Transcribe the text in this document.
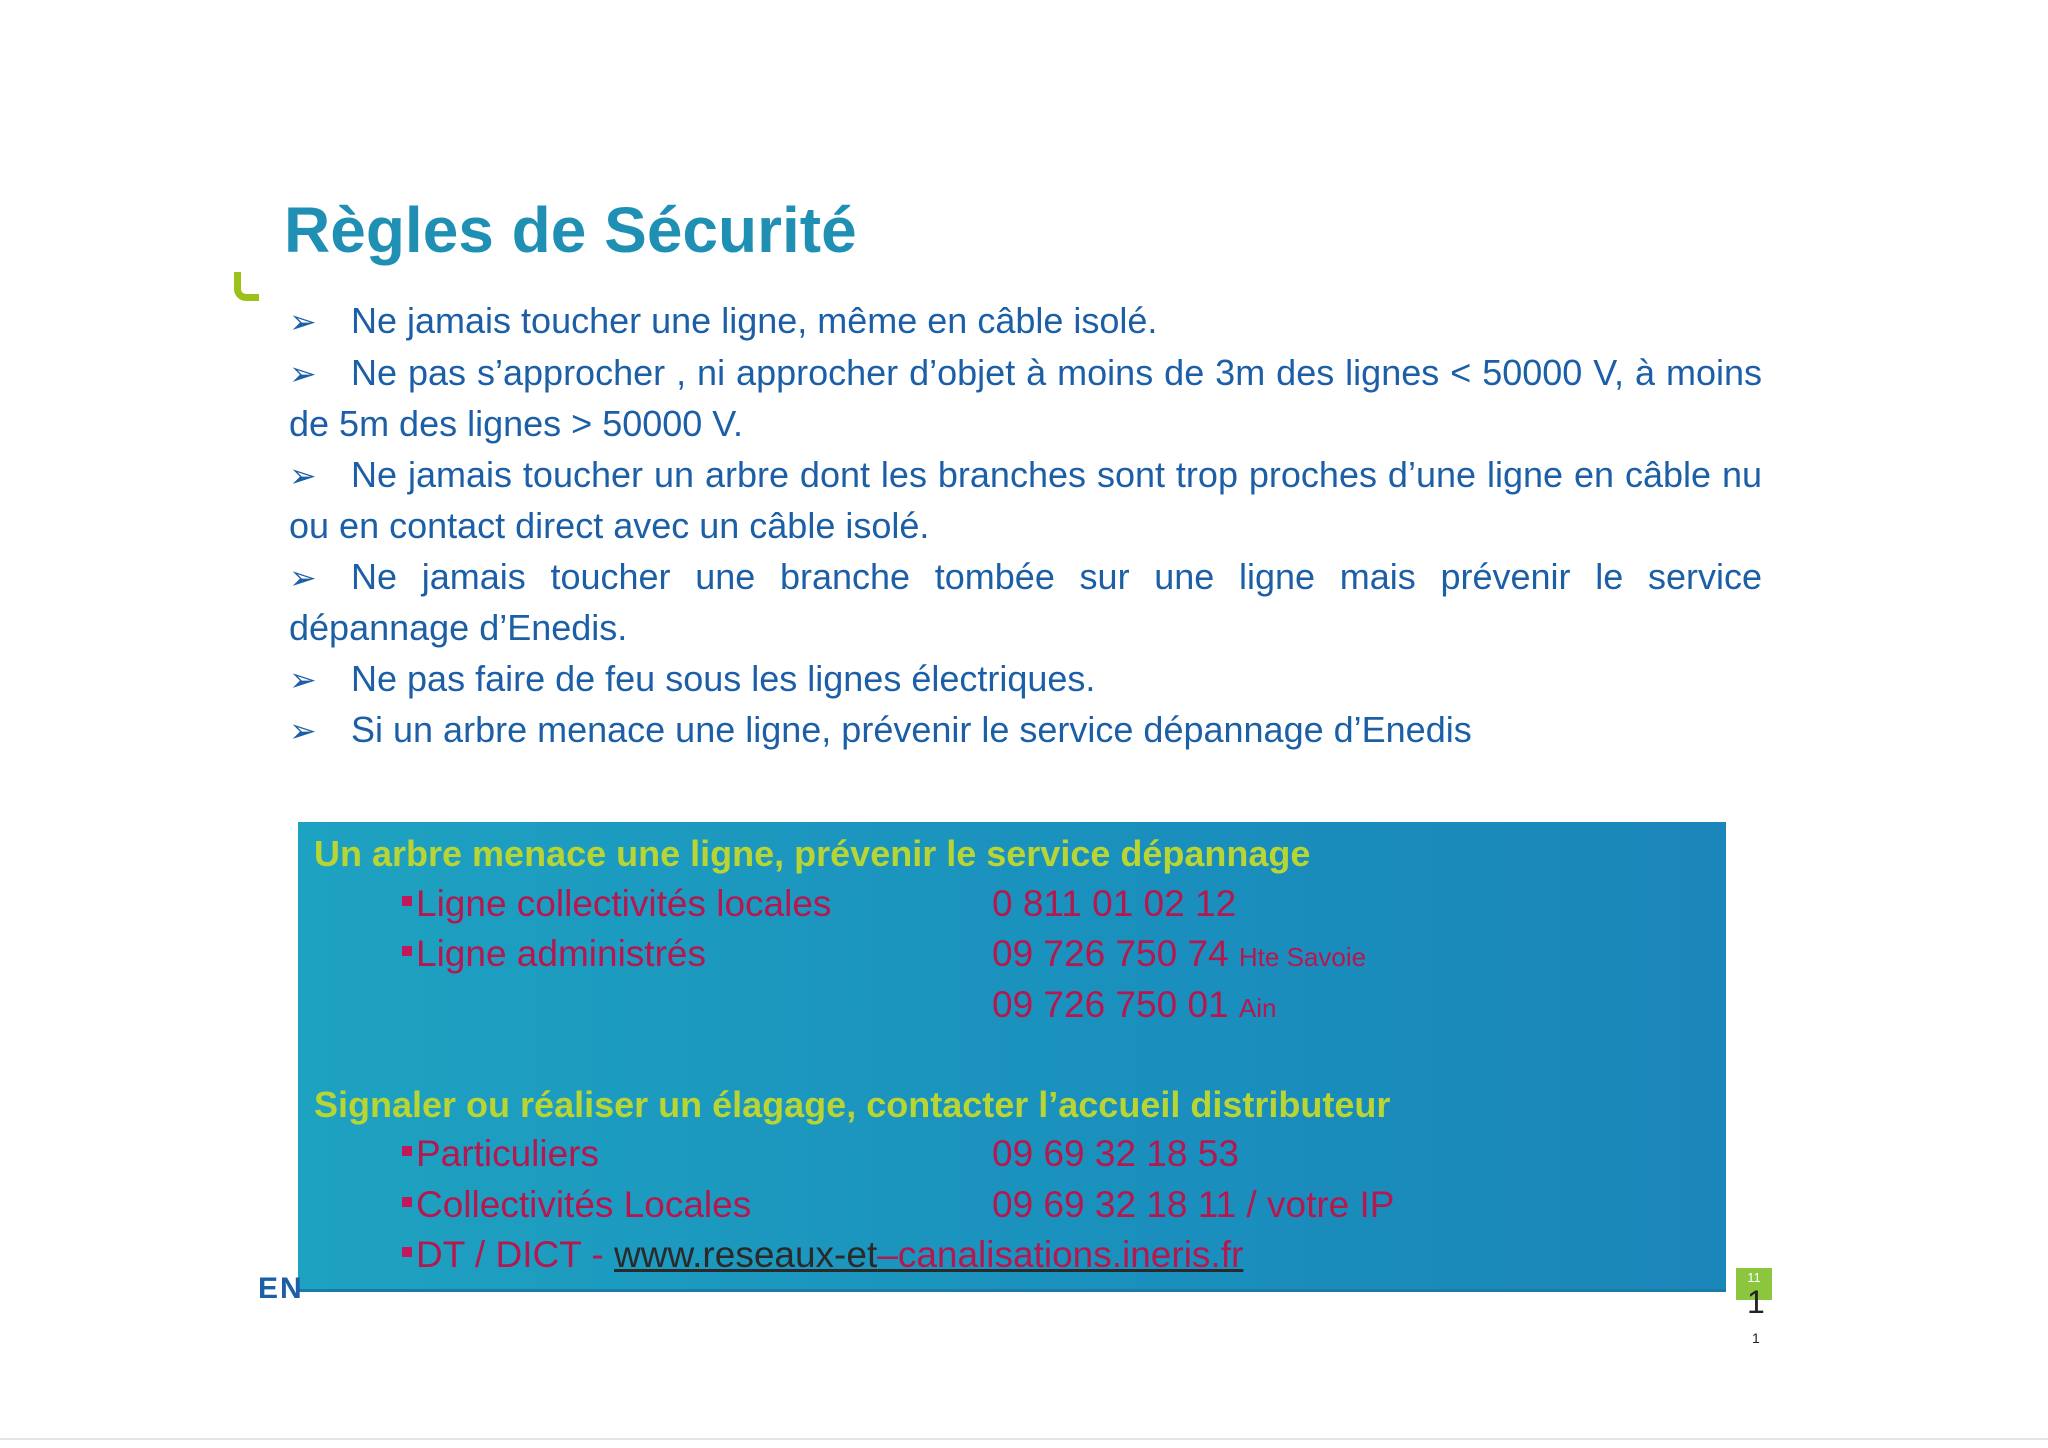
Règles de Sécurité
➢ Ne jamais toucher une ligne, même en câble isolé.
➢ Ne pas s’approcher , ni approcher d’objet à moins de 3m des lignes < 50000 V, à moins de 5m des lignes > 50000 V.
➢ Ne jamais toucher un arbre dont les branches sont trop proches d’une ligne en câble nu ou en contact direct avec un câble isolé.
➢ Ne jamais toucher une branche tombée sur une ligne mais prévenir le service dépannage d’Enedis.
➢ Ne pas faire de feu sous les lignes électriques.
➢ Si un arbre menace une ligne, prévenir le service dépannage d’Enedis

Un arbre menace une ligne, prévenir le service dépannage

Ligne collectivités locales	0 811 01 02 12
Ligne administrés	09 726 750 74 Hte Savoie
09 726 750 01 Ain

Signaler ou réaliser un élagage, contacter l’accueil distributeur

Particuliers	09 69 32 18 53
Collectivités Locales	09 69 32 18 11 / votre IP
DT / DICT - www.reseaux-et–canalisations.ineris.fr
EN	11
1
1
